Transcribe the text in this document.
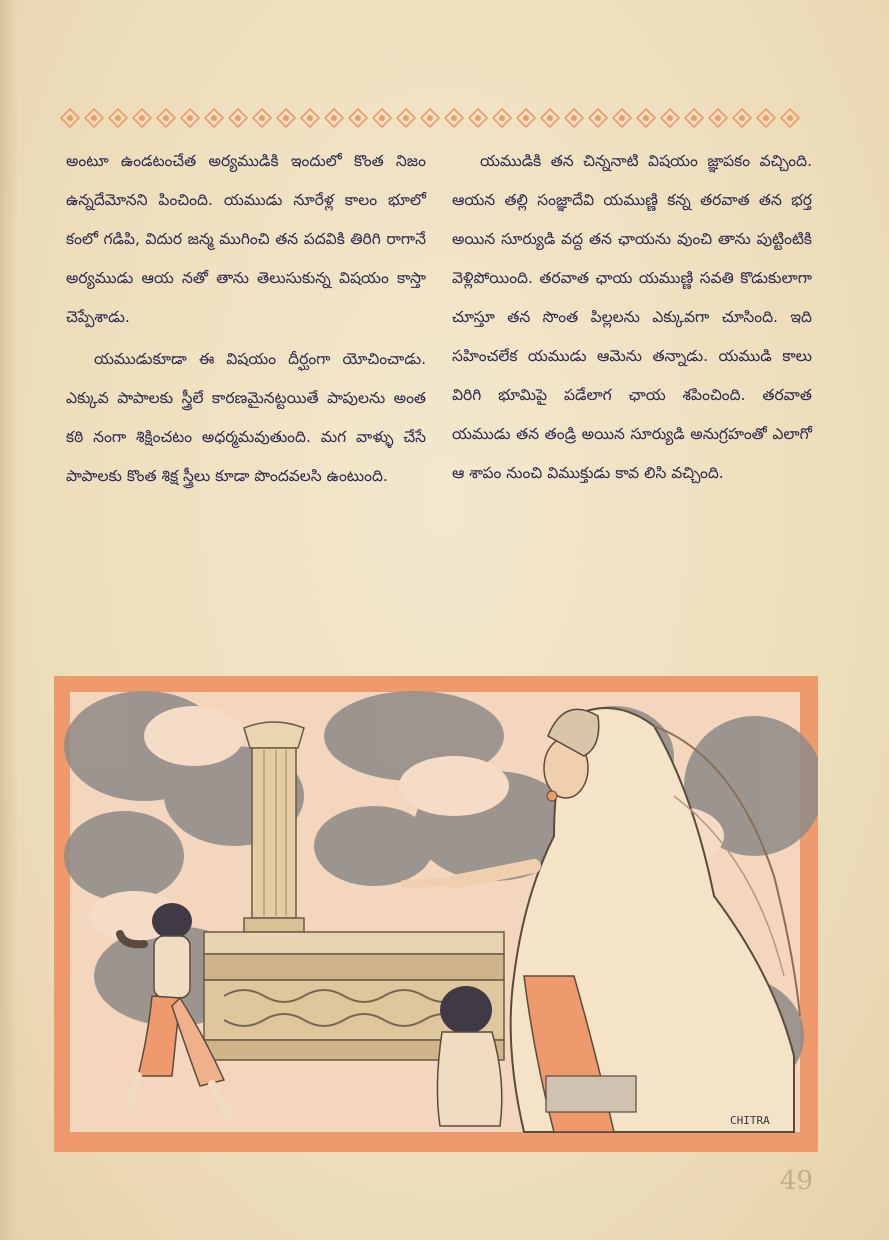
అంటూ ఉండటంచేత అర్యముడికి ఇందులో కొంత నిజం ఉన్నదేమోనని పించింది. యముడు నూరేళ్ల కాలం భూలో కంలో గడిపి, విదుర జన్మ ముగించి తన పదవికి తిరిగి రాగానే అర్యముడు ఆయ నతో తాను తెలుసుకున్న విషయం కాస్తా చెప్పేశాడు.

యముడుకూడా ఈ విషయం దీర్ఘంగా యోచించాడు. ఎక్కువ పాపాలకు స్త్రీలే కారణమైనట్టయితే పాపులను అంత కఠి నంగా శిక్షించటం అధర్మమవుతుంది. మగ వాళ్ళు చేసే పాపాలకు కొంత శిక్ష స్త్రీలు కూడా పొందవలసి ఉంటుంది.

యముడికి తన చిన్ననాటి విషయం జ్ఞాపకం వచ్చింది. ఆయన తల్లి సంజ్ఞాదేవి యముణ్ణి కన్న తరవాత తన భర్త అయిన సూర్యుడి వద్ద తన ఛాయను వుంచి తాను పుట్టింటికి వెళ్లిపోయింది. తరవాత ఛాయ యముణ్ణి సవతి కొడుకులాగా చూస్తూ తన సొంత పిల్లలను ఎక్కువగా చూసింది. ఇది సహించలేక యముడు ఆమెను తన్నాడు. యముడి కాలు విరిగి భూమిపై పడేలాగ ఛాయ శపించింది. తరవాత యముడు తన తండ్రి అయిన సూర్యుడి అనుగ్రహంతో ఎలాగో ఆ శాపం నుంచి విముక్తుడు కావ లిసి వచ్చింది.

CHITRA
49
